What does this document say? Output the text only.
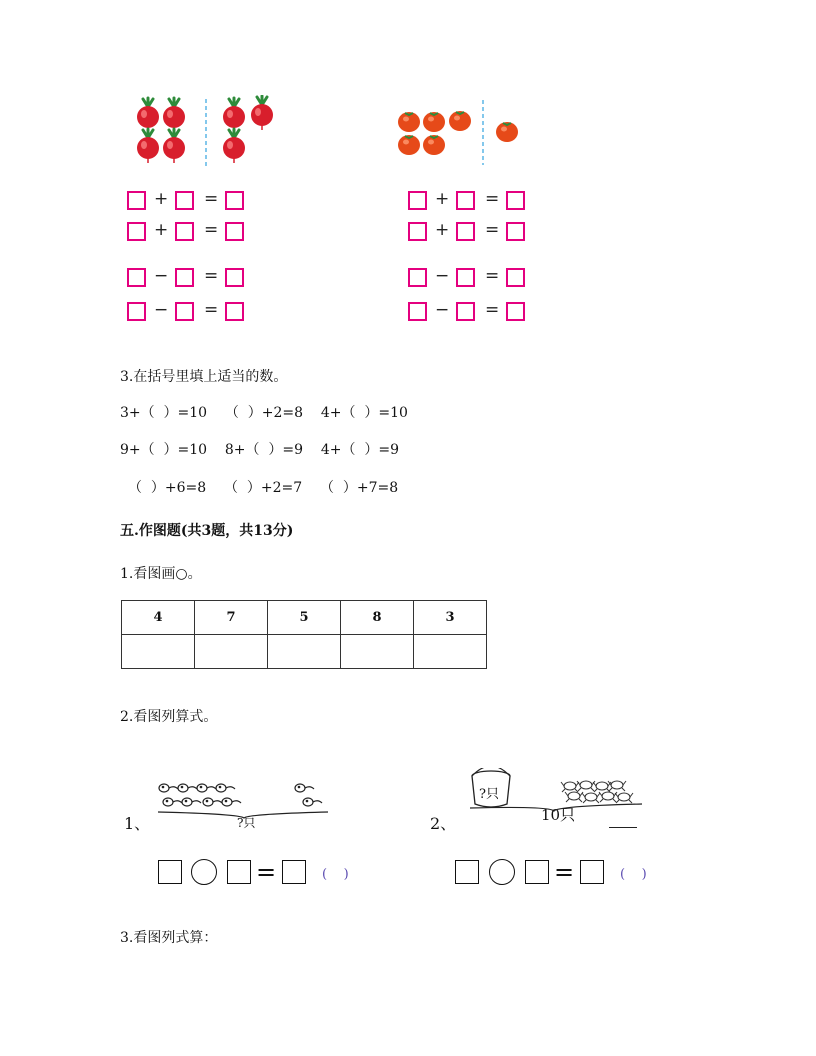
+ =
+ =
− =
− =
+ =
+ =
− =
− =
3.在括号里填上适当的数。
3+（  ）=10    （  ）+2=8    4+（  ）=10
9+（  ）=10    8+（  ）=9    4+（  ）=9
（  ）+6=8    （  ）+2=7    （  ）+7=8
五.作图题(共3题，共13分)
1.看图画○。
4	7	5	8	3

2.看图列算式。
1、	?只
=	(    )
2、
?只
10只
=	(    )
3.看图列式算：
